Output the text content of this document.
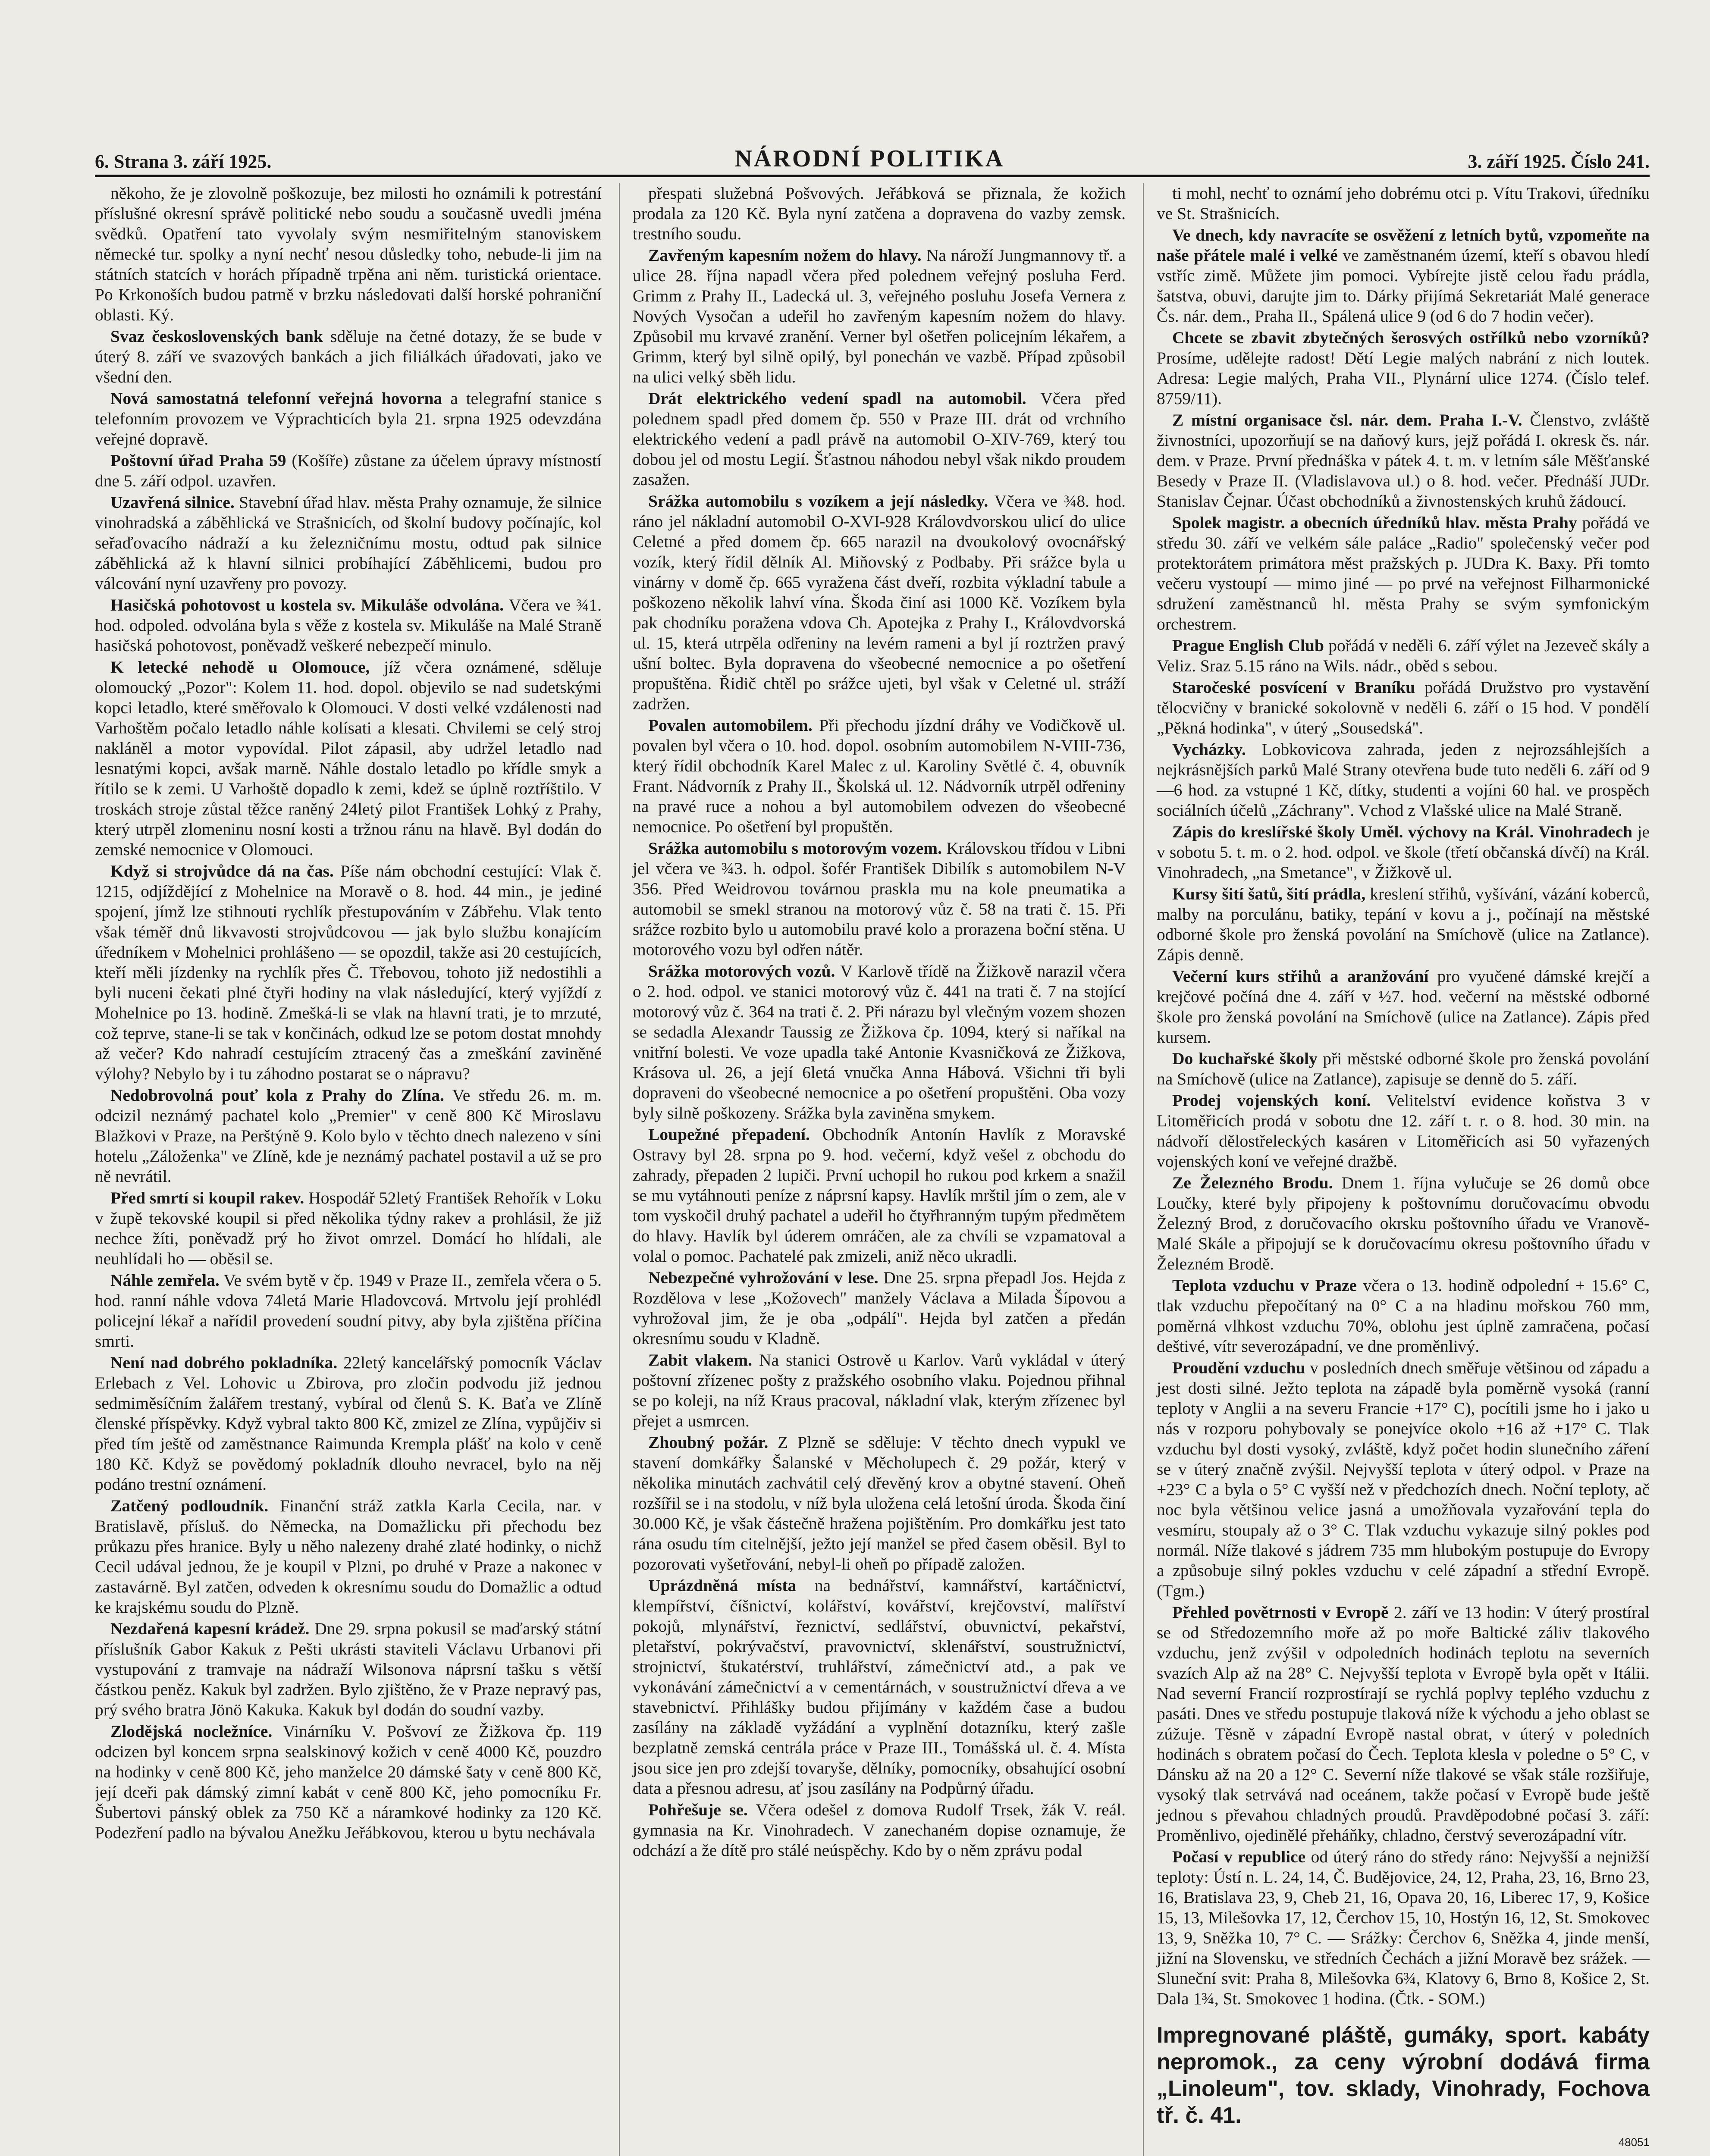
6. Strana 3. září 1925.	NÁRODNÍ POLITIKA	3. září 1925. Číslo 241.

někoho, že je zlovolně poškozuje, bez milosti ho oznámili k potrestání příslušné okresní správě politické nebo soudu a současně uvedli jména svědků. Opatření tato vyvolaly svým nesmiřitelným stanoviskem německé tur. spolky a nyní nechť nesou důsledky toho, nebude-li jim na státních statcích v horách případně trpěna ani něm. turistická orientace. Po Krkonoších budou patrně v brzku následovati další horské pohraniční oblasti. Ký.

Svaz československých bank sděluje na četné dotazy, že se bude v úterý 8. září ve svazových bankách a jich filiálkách úřadovati, jako ve všední den.

Nová samostatná telefonní veřejná hovorna a telegrafní stanice s telefonním provozem ve Výprachticích byla 21. srpna 1925 odevzdána veřejné dopravě.

Poštovní úřad Praha 59 (Košíře) zůstane za účelem úpravy místností dne 5. září odpol. uzavřen.

Uzavřená silnice. Stavební úřad hlav. města Prahy oznamuje, že silnice vinohradská a záběhlická ve Strašnicích, od školní budovy počínajíc, kol seřaďovacího nádraží a ku železničnímu mostu, odtud pak silnice záběhlická až k hlavní silnici probíhající Záběhlicemi, budou pro válcování nyní uzavřeny pro povozy.

Hasičská pohotovost u kostela sv. Mikuláše odvolána. Včera ve ¾1. hod. odpoled. odvolána byla s věže z kostela sv. Mikuláše na Malé Straně hasičská pohotovost, poněvadž veškeré nebezpečí minulo.

K letecké nehodě u Olomouce, jíž včera oznámené, sděluje olomoucký „Pozor": Kolem 11. hod. dopol. objevilo se nad sudetskými kopci letadlo, které směřovalo k Olomouci. V dosti velké vzdálenosti nad Varhoštěm počalo letadlo náhle kolísati a klesati. Chvilemi se celý stroj nakláněl a motor vypovídal. Pilot zápasil, aby udržel letadlo nad lesnatými kopci, avšak marně. Náhle dostalo letadlo po křídle smyk a řítilo se k zemi. U Varhoště dopadlo k zemi, kdež se úplně roztříštilo. V troskách stroje zůstal těžce raněný 24letý pilot František Lohký z Prahy, který utrpěl zlomeninu nosní kosti a tržnou ránu na hlavě. Byl dodán do zemské nemocnice v Olomouci.

Když si strojvůdce dá na čas. Píše nám obchodní cestující: Vlak č. 1215, odjíždějící z Mohelnice na Moravě o 8. hod. 44 min., je jediné spojení, jímž lze stihnouti rychlík přestupováním v Zábřehu. Vlak tento však téměř dnů likvavosti strojvůdcovou — jak bylo službu konajícím úředníkem v Mohelnici prohlášeno — se opozdil, takže asi 20 cestujících, kteří měli jízdenky na rychlík přes Č. Třebovou, tohoto již nedostihli a byli nuceni čekati plné čtyři hodiny na vlak následující, který vyjíždí z Mohelnice po 13. hodině. Zmešká-li se vlak na hlavní trati, je to mrzuté, což teprve, stane-li se tak v končinách, odkud lze se potom dostat mnohdy až večer? Kdo nahradí cestujícím ztracený čas a zmeškání zaviněné výlohy? Nebylo by i tu záhodno postarat se o nápravu?

Nedobrovolná pouť kola z Prahy do Zlína. Ve středu 26. m. m. odcizil neznámý pachatel kolo „Premier" v ceně 800 Kč Miroslavu Blažkovi v Praze, na Perštýně 9. Kolo bylo v těchto dnech nalezeno v síni hotelu „Záloženka" ve Zlíně, kde je neznámý pachatel postavil a už se pro ně nevrátil.

Před smrtí si koupil rakev. Hospodář 52letý František Rehořík v Loku v župě tekovské koupil si před několika týdny rakev a prohlásil, že již nechce žíti, poněvadž prý ho život omrzel. Domácí ho hlídali, ale neuhlídali ho — oběsil se.

Náhle zemřela. Ve svém bytě v čp. 1949 v Praze II., zemřela včera o 5. hod. ranní náhle vdova 74letá Marie Hladovcová. Mrtvolu její prohlédl policejní lékař a nařídil provedení soudní pitvy, aby byla zjištěna příčina smrti.

Není nad dobrého pokladníka. 22letý kancelářský pomocník Václav Erlebach z Vel. Lohovic u Zbirova, pro zločin podvodu již jednou sedmiměsíčním žalářem trestaný, vybíral od členů S. K. Baťa ve Zlíně členské příspěvky. Když vybral takto 800 Kč, zmizel ze Zlína, vypůjčiv si před tím ještě od zaměstnance Raimunda Krempla plášť na kolo v ceně 180 Kč. Když se povědomý pokladník dlouho nevracel, bylo na něj podáno trestní oznámení.

Zatčený podloudník. Finanční stráž zatkla Karla Cecila, nar. v Bratislavě, přísluš. do Německa, na Domažlicku při přechodu bez průkazu přes hranice. Byly u něho nalezeny drahé zlaté hodinky, o nichž Cecil udával jednou, že je koupil v Plzni, po druhé v Praze a nakonec v zastavárně. Byl zatčen, odveden k okresnímu soudu do Domažlic a odtud ke krajskému soudu do Plzně.

Nezdařená kapesní krádež. Dne 29. srpna pokusil se maďarský státní příslušník Gabor Kakuk z Pešti ukrásti staviteli Václavu Urbanovi při vystupování z tramvaje na nádraží Wilsonova náprsní tašku s větší částkou peněz. Kakuk byl zadržen. Bylo zjištěno, že v Praze nepravý pas, prý svého bratra Jönö Kakuka. Kakuk byl dodán do soudní vazby.

Zlodějská nocležníce. Vinárníku V. Pošvoví ze Žižkova čp. 119 odcizen byl koncem srpna sealskinový kožich v ceně 4000 Kč, pouzdro na hodinky v ceně 800 Kč, jeho manželce 20 dámské šaty v ceně 800 Kč, její dceři pak dámský zimní kabát v ceně 800 Kč, jeho pomocníku Fr. Šubertovi pánský oblek za 750 Kč a náramkové hodinky za 120 Kč. Podezření padlo na bývalou Anežku Jeřábkovou, kterou u bytu nechávala

přespati služebná Pošvových. Jeřábková se přiznala, že kožich prodala za 120 Kč. Byla nyní zatčena a dopravena do vazby zemsk. trestního soudu.

Zavřeným kapesním nožem do hlavy. Na nároží Jungmannovy tř. a ulice 28. října napadl včera před polednem veřejný posluha Ferd. Grimm z Prahy II., Ladecká ul. 3, veřejného posluhu Josefa Vernera z Nových Vysočan a udeřil ho zavřeným kapesním nožem do hlavy. Způsobil mu krvavé zranění. Verner byl ošetřen policejním lékařem, a Grimm, který byl silně opilý, byl ponechán ve vazbě. Případ způsobil na ulici velký sběh lidu.

Drát elektrického vedení spadl na automobil. Včera před polednem spadl před domem čp. 550 v Praze III. drát od vrchního elektrického vedení a padl právě na automobil O-XIV-769, který tou dobou jel od mostu Legií. Šťastnou náhodou nebyl však nikdo proudem zasažen.

Srážka automobilu s vozíkem a její následky. Včera ve ¾8. hod. ráno jel nákladní automobil O-XVI-928 Královdvorskou ulicí do ulice Celetné a před domem čp. 665 narazil na dvoukolový ovocnářský vozík, který řídil dělník Al. Miňovský z Podbaby. Při srážce byla u vinárny v domě čp. 665 vyražena část dveří, rozbita výkladní tabule a poškozeno několik lahví vína. Škoda činí asi 1000 Kč. Vozíkem byla pak chodníku poražena vdova Ch. Apotejka z Prahy I., Královdvorská ul. 15, která utrpěla odřeniny na levém rameni a byl jí roztržen pravý ušní boltec. Byla dopravena do všeobecné nemocnice a po ošetření propuštěna. Řidič chtěl po srážce ujeti, byl však v Celetné ul. stráží zadržen.

Povalen automobilem. Při přechodu jízdní dráhy ve Vodičkově ul. povalen byl včera o 10. hod. dopol. osobním automobilem N-VIII-736, který řídil obchodník Karel Malec z ul. Karoliny Světlé č. 4, obuvník Frant. Nádvorník z Prahy II., Školská ul. 12. Nádvorník utrpěl odřeniny na pravé ruce a nohou a byl automobilem odvezen do všeobecné nemocnice. Po ošetření byl propuštěn.

Srážka automobilu s motorovým vozem. Královskou třídou v Libni jel včera ve ¾3. h. odpol. šofér František Dibilík s automobilem N-V 356. Před Weidrovou továrnou praskla mu na kole pneumatika a automobil se smekl stranou na motorový vůz č. 58 na trati č. 15. Při srážce rozbito bylo u automobilu pravé kolo a prorazena boční stěna. U motorového vozu byl odřen nátěr.

Srážka motorových vozů. V Karlově třídě na Žižkově narazil včera o 2. hod. odpol. ve stanici motorový vůz č. 441 na trati č. 7 na stojící motorový vůz č. 364 na trati č. 2. Při nárazu byl vlečným vozem shozen se sedadla Alexandr Taussig ze Žižkova čp. 1094, který si naříkal na vnitřní bolesti. Ve voze upadla také Antonie Kvasničková ze Žižkova, Krásova ul. 26, a její 6letá vnučka Anna Hábová. Všichni tři byli dopraveni do všeobecné nemocnice a po ošetření propuštěni. Oba vozy byly silně poškozeny. Srážka byla zaviněna smykem.

Loupežné přepadení. Obchodník Antonín Havlík z Moravské Ostravy byl 28. srpna po 9. hod. večerní, když vešel z obchodu do zahrady, přepaden 2 lupiči. První uchopil ho rukou pod krkem a snažil se mu vytáhnouti peníze z náprsní kapsy. Havlík mrštil jím o zem, ale v tom vyskočil druhý pachatel a udeřil ho čtyřhranným tupým předmětem do hlavy. Havlík byl úderem omráčen, ale za chvíli se vzpamatoval a volal o pomoc. Pachatelé pak zmizeli, aniž něco ukradli.

Nebezpečné vyhrožování v lese. Dne 25. srpna přepadl Jos. Hejda z Rozdělova v lese „Kožovech" manžely Václava a Milada Šípovou a vyhrožoval jim, že je oba „odpálí". Hejda byl zatčen a předán okresnímu soudu v Kladně.

Zabit vlakem. Na stanici Ostrově u Karlov. Varů vykládal v úterý poštovní zřízenec pošty z pražského osobního vlaku. Pojednou přihnal se po koleji, na níž Kraus pracoval, nákladní vlak, kterým zřízenec byl přejet a usmrcen.

Zhoubný požár. Z Plzně se sděluje: V těchto dnech vypukl ve stavení domkářky Šalanské v Měcholupech č. 29 požár, který v několika minutách zachvátil celý dřevěný krov a obytné stavení. Oheň rozšířil se i na stodolu, v níž byla uložena celá letošní úroda. Škoda činí 30.000 Kč, je však částečně hražena pojištěním. Pro domkářku jest tato rána osudu tím citelnější, ježto její manžel se před časem oběsil. Byl to pozorovati vyšetřování, nebyl-li oheň po případě založen.

Uprázdněná místa na bednářství, kamnářství, kartáčnictví, klempířství, číšnictví, kolářství, kovářství, krejčovství, malířství pokojů, mlynářství, řeznictví, sedlářství, obuvnictví, pekařství, pletařství, pokrývačství, pravovnictví, sklenářství, soustružnictví, strojnictví, štukatérství, truhlářství, zámečnictví atd., a pak ve vykonávání zámečnictví a v cementárnách, v soustružnictví dřeva a ve stavebnictví. Přihlášky budou přijímány v každém čase a budou zasílány na základě vyžádání a vyplnění dotazníku, který zašle bezplatně zemská centrála práce v Praze III., Tomášská ul. č. 4. Místa jsou sice jen pro zdejší tovaryše, dělníky, pomocníky, obsahující osobní data a přesnou adresu, ať jsou zasílány na Podpůrný úřadu.

Pohřešuje se. Včera odešel z domova Rudolf Trsek, žák V. reál. gymnasia na Kr. Vinohradech. V zanechaném dopise oznamuje, že odchází a že dítě pro stálé neúspěchy. Kdo by o něm zprávu podal

ti mohl, nechť to oznámí jeho dobrému otci p. Vítu Trakovi, úředníku ve St. Strašnicích.

Ve dnech, kdy navracíte se osvěžení z letních bytů, vzpomeňte na naše přátele malé i velké ve zaměstnaném území, kteří s obavou hledí vstříc zimě. Můžete jim pomoci. Vybírejte jistě celou řadu prádla, šatstva, obuvi, darujte jim to. Dárky přijímá Sekretariát Malé generace Čs. nár. dem., Praha II., Spálená ulice 9 (od 6 do 7 hodin večer).

Chcete se zbavit zbytečných šerosvých ostřílků nebo vzorníků? Prosíme, udělejte radost! Dětí Legie malých nabrání z nich loutek. Adresa: Legie malých, Praha VII., Plynární ulice 1274. (Číslo telef. 8759/11).

Z místní organisace čsl. nár. dem. Praha I.-V. Členstvo, zvláště živnostníci, upozorňují se na daňový kurs, jejž pořádá I. okresk čs. nár. dem. v Praze. První přednáška v pátek 4. t. m. v letním sále Měšťanské Besedy v Praze II. (Vladislavova ul.) o 8. hod. večer. Přednáší JUDr. Stanislav Čejnar. Účast obchodníků a živnostenských kruhů žádoucí.

Spolek magistr. a obecních úředníků hlav. města Prahy pořádá ve středu 30. září ve velkém sále paláce „Radio" společenský večer pod protektorátem primátora měst pražských p. JUDra K. Baxy. Při tomto večeru vystoupí — mimo jiné — po prvé na veřejnost Filharmonické sdružení zaměstnanců hl. města Prahy se svým symfonickým orchestrem.

Prague English Club pořádá v neděli 6. září výlet na Jezeveč skály a Veliz. Sraz 5.15 ráno na Wils. nádr., oběd s sebou.

Staročeské posvícení v Braníku pořádá Družstvo pro vystavění tělocvičny v branické sokolovně v neděli 6. září o 15 hod. V pondělí „Pěkná hodinka", v úterý „Sousedská".

Vycházky. Lobkovicova zahrada, jeden z nejrozsáhlejších a nejkrásnějších parků Malé Strany otevřena bude tuto neděli 6. září od 9—6 hod. za vstupné 1 Kč, dítky, studenti a vojíni 60 hal. ve prospěch sociálních účelů „Záchrany". Vchod z Vlašské ulice na Malé Straně.

Zápis do kreslířské školy Uměl. výchovy na Král. Vinohradech je v sobotu 5. t. m. o 2. hod. odpol. ve škole (třetí občanská dívčí) na Král. Vinohradech, „na Smetance", v Žižkově ul.

Kursy šití šatů, šití prádla, kreslení střihů, vyšívání, vázání koberců, malby na porculánu, batiky, tepání v kovu a j., počínají na městské odborné škole pro ženská povolání na Smíchově (ulice na Zatlance). Zápis denně.

Večerní kurs střihů a aranžování pro vyučené dámské krejčí a krejčové počíná dne 4. září v ½7. hod. večerní na městské odborné škole pro ženská povolání na Smíchově (ulice na Zatlance). Zápis před kursem.

Do kuchařské školy při městské odborné škole pro ženská povolání na Smíchově (ulice na Zatlance), zapisuje se denně do 5. září.

Prodej vojenských koní. Velitelství evidence koňstva 3 v Litoměřicích prodá v sobotu dne 12. září t. r. o 8. hod. 30 min. na nádvoří dělostřeleckých kasáren v Litoměřicích asi 50 vyřazených vojenských koní ve veřejné dražbě.

Ze Železného Brodu. Dnem 1. října vylučuje se 26 domů obce Loučky, které byly připojeny k poštovnímu doručovacímu obvodu Železný Brod, z doručovacího okrsku poštovního úřadu ve Vranově-Malé Skále a připojují se k doručovacímu okresu poštovního úřadu v Železném Brodě.

Teplota vzduchu v Praze včera o 13. hodině odpolední + 15.6° C, tlak vzduchu přepočítaný na 0° C a na hladinu mořskou 760 mm, poměrná vlhkost vzduchu 70%, oblohu jest úplně zamračena, počasí deštivé, vítr severozápadní, ve dne proměnlivý.

Proudění vzduchu v posledních dnech směřuje většinou od západu a jest dosti silné. Ježto teplota na západě byla poměrně vysoká (ranní teploty v Anglii a na severu Francie +17° C), pocítili jsme ho i jako u nás v rozporu pohybovaly se ponejvíce okolo +16 až +17° C. Tlak vzduchu byl dosti vysoký, zvláště, když počet hodin slunečního záření se v úterý značně zvýšil. Nejvyšší teplota v úterý odpol. v Praze na +23° C a byla o 5° C vyšší než v předchozích dnech. Noční teploty, ač noc byla většinou velice jasná a umožňovala vyzařování tepla do vesmíru, stoupaly až o 3° C. Tlak vzduchu vykazuje silný pokles pod normál. Níže tlakové s jádrem 735 mm hlubokým postupuje do Evropy a způsobuje silný pokles vzduchu v celé západní a střední Evropě. (Tgm.)

Přehled povětrnosti v Evropě 2. září ve 13 hodin: V úterý prostíral se od Středozemního moře až po moře Baltické záliv tlakového vzduchu, jenž zvýšil v odpoledních hodinách teplotu na severních svazích Alp až na 28° C. Nejvyšší teplota v Evropě byla opět v Itálii. Nad severní Francií rozprostírají se rychlá poplvy teplého vzduchu z pasáti. Dnes ve středu postupuje tlaková níže k východu a jeho oblast se zúžuje. Těsně v západní Evropě nastal obrat, v úterý v poledních hodinách s obratem počasí do Čech. Teplota klesla v poledne o 5° C, v Dánsku až na 20 a 12° C. Severní níže tlakové se však stále rozšiřuje, vysoký tlak setrvává nad oceánem, takže počasí v Evropě bude ještě jednou s převahou chladných proudů. Pravděpodobné počasí 3. září: Proměnlivo, ojedinělé přeháňky, chladno, čerstvý severozápadní vítr.

Počasí v republice od úterý ráno do středy ráno: Nejvyšší a nejnižší teploty: Ústí n. L. 24, 14, Č. Budějovice, 24, 12, Praha, 23, 16, Brno 23, 16, Bratislava 23, 9, Cheb 21, 16, Opava 20, 16, Liberec 17, 9, Košice 15, 13, Milešovka 17, 12, Čerchov 15, 10, Hostýn 16, 12, St. Smokovec 13, 9, Sněžka 10, 7° C. — Srážky: Čerchov 6, Sněžka 4, jinde menší, jižní na Slovensku, ve středních Čechách a jižní Moravě bez srážek. — Sluneční svit: Praha 8, Milešovka 6¾, Klatovy 6, Brno 8, Košice 2, St. Dala 1¾, St. Smokovec 1 hodina. (Čtk. - SOM.)

Impregnované pláště, gumáky, sport. kabáty nepromok., za ceny výrobní dodává firma „Linoleum", tov. sklady, Vinohrady, Fochova tř. č. 41.
48051
